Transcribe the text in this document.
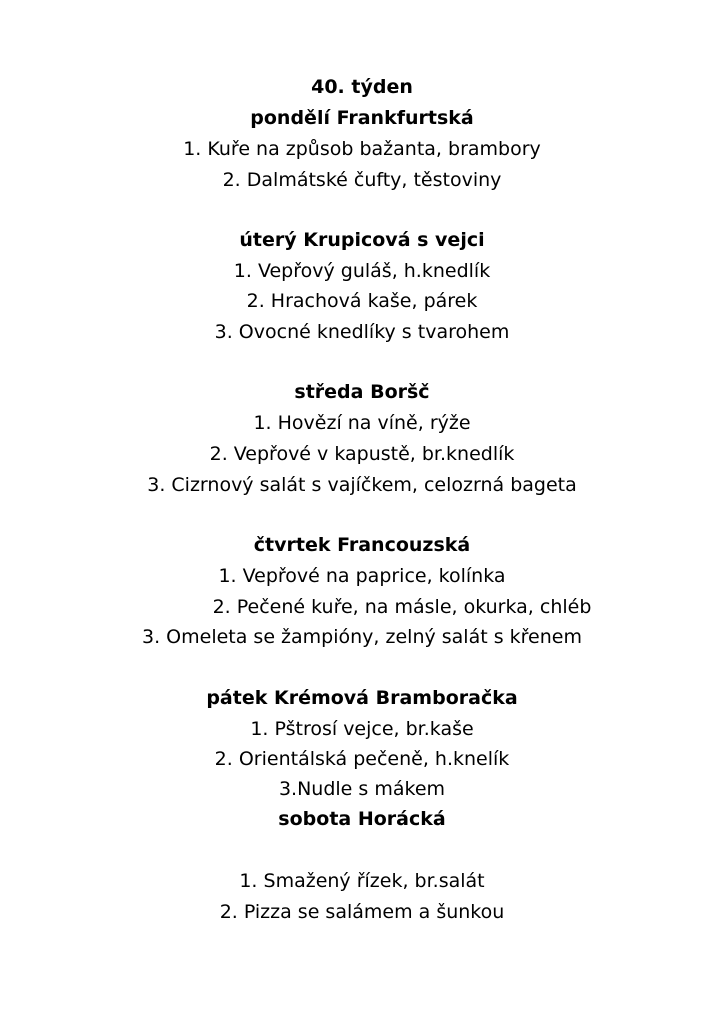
40. týden
pondělí Frankfurtská
1. Kuře na způsob bažanta, brambory
2. Dalmátské čufty, těstoviny
úterý Krupicová s vejci
1. Vepřový guláš, h.knedlík
2. Hrachová kaše, párek
3. Ovocné knedlíky s tvarohem
středa Boršč
1. Hovězí na víně, rýže
2. Vepřové v kapustě, br.knedlík
3. Cizrnový salát s vajíčkem, celozrná bageta
čtvrtek Francouzská
1. Vepřové na paprice, kolínka
2. Pečené kuře, na másle, okurka, chléb
3. Omeleta se žampióny, zelný salát s křenem
pátek Krémová Bramboračka
1. Pštrosí vejce, br.kaše
2. Orientálská pečeně, h.knelík
3.Nudle s mákem
sobota Horácká
1. Smažený řízek, br.salát
2. Pizza se salámem a šunkou
